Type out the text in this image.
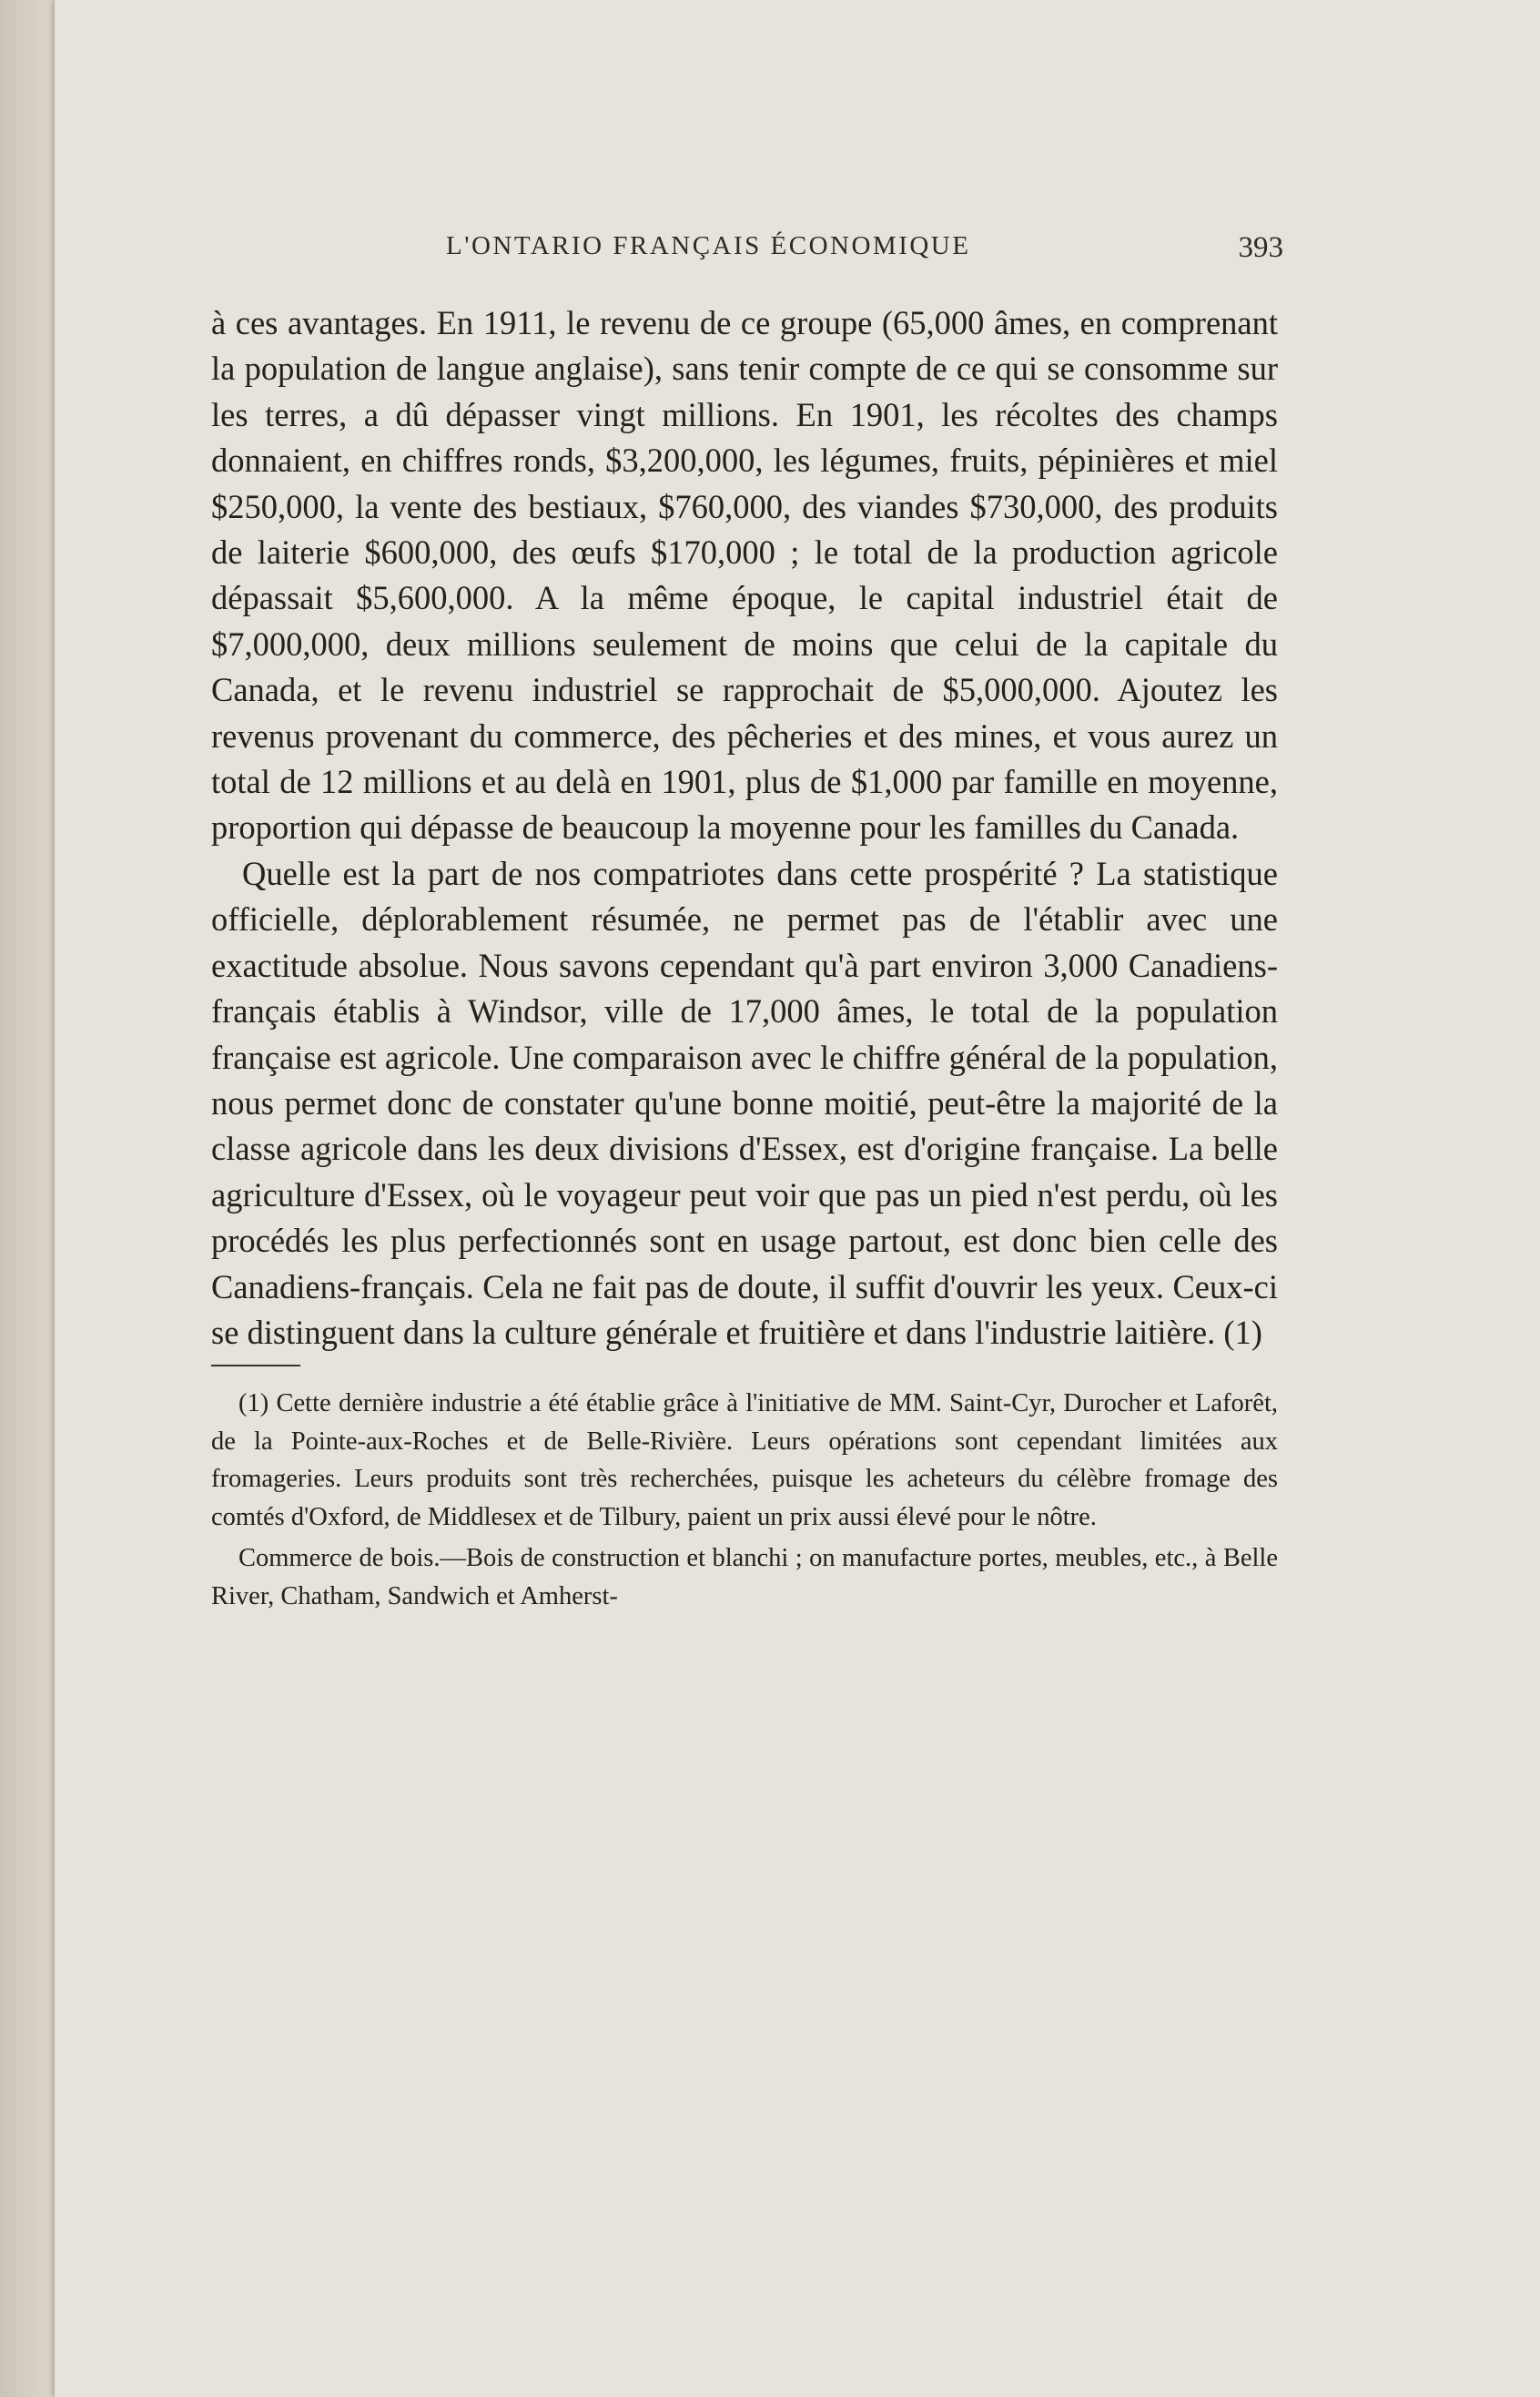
L'ONTARIO FRANÇAIS ÉCONOMIQUE	393

à ces avantages. En 1911, le revenu de ce groupe (65,000 âmes, en comprenant la population de langue anglaise), sans tenir compte de ce qui se consomme sur les terres, a dû dépasser vingt millions. En 1901, les récoltes des champs donnaient, en chiffres ronds, $3,200,000, les légumes, fruits, pépinières et miel $250,000, la vente des bestiaux, $760,000, des viandes $730,000, des produits de laiterie $600,000, des œufs $170,000 ; le total de la production agricole dépassait $5,600,000. A la même époque, le capital industriel était de $7,000,000, deux millions seulement de moins que celui de la capitale du Canada, et le revenu industriel se rapprochait de $5,000,000. Ajoutez les revenus provenant du commerce, des pêcheries et des mines, et vous aurez un total de 12 millions et au delà en 1901, plus de $1,000 par famille en moyenne, proportion qui dépasse de beaucoup la moyenne pour les familles du Canada.

Quelle est la part de nos compatriotes dans cette prospérité ? La statistique officielle, déplorablement résumée, ne permet pas de l'établir avec une exactitude absolue. Nous savons cependant qu'à part environ 3,000 Canadiens-français établis à Windsor, ville de 17,000 âmes, le total de la population française est agricole. Une comparaison avec le chiffre général de la population, nous permet donc de constater qu'une bonne moitié, peut-être la majorité de la classe agricole dans les deux divisions d'Essex, est d'origine française. La belle agriculture d'Essex, où le voyageur peut voir que pas un pied n'est perdu, où les procédés les plus perfectionnés sont en usage partout, est donc bien celle des Canadiens-français. Cela ne fait pas de doute, il suffit d'ouvrir les yeux. Ceux-ci se distinguent dans la culture générale et fruitière et dans l'industrie laitière. (1)

(1) Cette dernière industrie a été établie grâce à l'initiative de MM. Saint-Cyr, Durocher et Laforêt, de la Pointe-aux-Roches et de Belle-Rivière. Leurs opérations sont cependant limitées aux fromageries. Leurs produits sont très recherchées, puisque les acheteurs du célèbre fromage des comtés d'Oxford, de Middlesex et de Tilbury, paient un prix aussi élevé pour le nôtre.

Commerce de bois.—Bois de construction et blanchi ; on manufacture portes, meubles, etc., à Belle River, Chatham, Sandwich et Amherst-
